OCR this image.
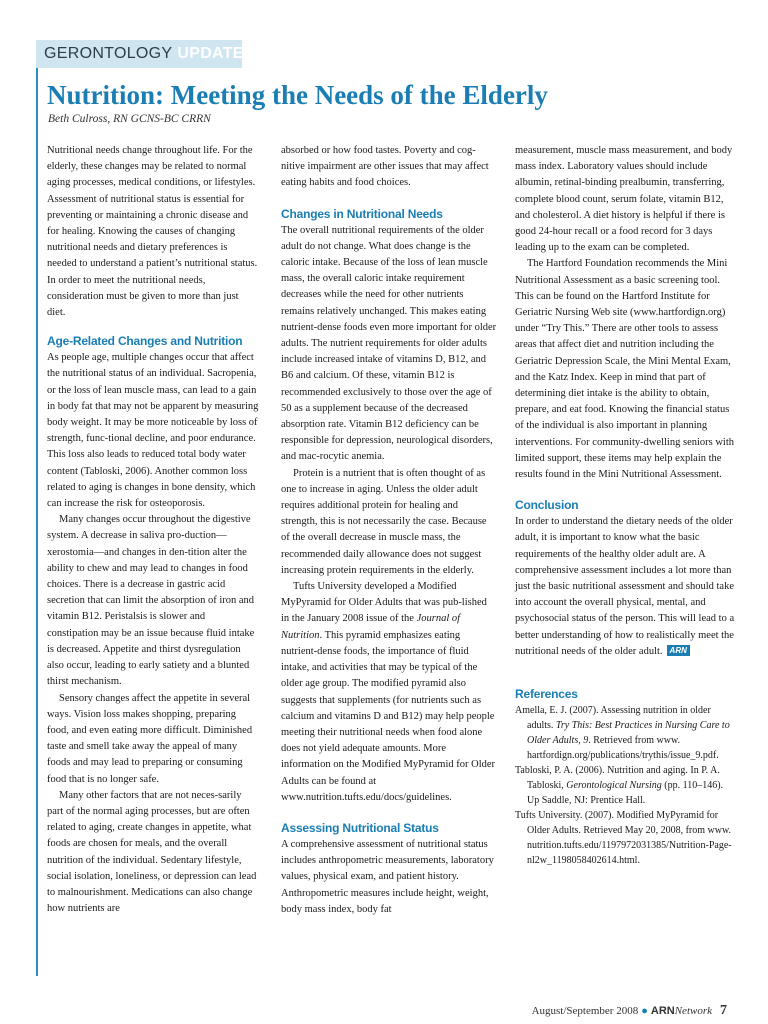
GERONTOLOGY UPDATE
Nutrition: Meeting the Needs of the Elderly
Beth Culross, RN GCNS-BC CRRN

Nutritional needs change throughout life. For the elderly, these changes may be related to normal aging processes, medical conditions, or lifestyles. Assessment of nutritional status is essential for preventing or maintaining a chronic disease and for healing. Knowing the causes of changing nutritional needs and dietary preferences is needed to understand a patient’s nutritional status. In order to meet the nutritional needs, consideration must be given to more than just diet.

Age-Related Changes and Nutrition

As people age, multiple changes occur that affect the nutritional status of an individual. Sacropenia, or the loss of lean muscle mass, can lead to a gain in body fat that may not be apparent by measuring body weight. It may be more noticeable by loss of strength, func-tional decline, and poor endurance. This loss also leads to reduced total body water content (Tabloski, 2006). Another common loss related to aging is changes in bone density, which can increase the risk for osteoporosis.

Many changes occur throughout the digestive system. A decrease in saliva pro-duction—xerostomia—and changes in den-tition alter the ability to chew and may lead to changes in food choices. There is a decrease in gastric acid secretion that can limit the absorption of iron and vitamin B12. Peristalsis is slower and constipation may be an issue because fluid intake is decreased. Appetite and thirst dysregulation also occur, leading to early satiety and a blunted thirst mechanism.

Sensory changes affect the appetite in several ways. Vision loss makes shopping, preparing food, and even eating more difficult. Diminished taste and smell take away the appeal of many foods and may lead to preparing or consuming food that is no longer safe.

Many other factors that are not neces-sarily part of the normal aging processes, but are often related to aging, create changes in appetite, what foods are chosen for meals, and the overall nutrition of the individual. Sedentary lifestyle, social isolation, loneliness, or depression can lead to malnourishment. Medications can also change how nutrients are

absorbed or how food tastes. Poverty and cog-nitive impairment are other issues that may affect eating habits and food choices.

Changes in Nutritional Needs

The overall nutritional requirements of the older adult do not change. What does change is the caloric intake. Because of the loss of lean muscle mass, the overall caloric intake requirement decreases while the need for other nutrients remains relatively unchanged. This makes eating nutrient-dense foods even more important for older adults. The nutrient requirements for older adults include increased intake of vitamins D, B12, and B6 and calcium. Of these, vitamin B12 is recommended exclusively to those over the age of 50 as a supplement because of the decreased absorption rate. Vitamin B12 deficiency can be responsible for depression, neurological disorders, and mac-rocytic anemia.

Protein is a nutrient that is often thought of as one to increase in aging. Unless the older adult requires additional protein for healing and strength, this is not necessarily the case. Because of the overall decrease in muscle mass, the recommended daily allowance does not suggest increasing protein requirements in the elderly.

Tufts University developed a Modified MyPyramid for Older Adults that was pub-lished in the January 2008 issue of the Journal of Nutrition. This pyramid emphasizes eating nutrient-dense foods, the importance of fluid intake, and activities that may be typical of the older age group. The modified pyramid also suggests that supplements (for nutrients such as calcium and vitamins D and B12) may help people meeting their nutritional needs when food alone does not yield adequate amounts. More information on the Modified MyPyramid for Older Adults can be found at www.nutrition.tufts.edu/docs/guidelines.

Assessing Nutritional Status

A comprehensive assessment of nutritional status includes anthropometric measurements, laboratory values, physical exam, and patient history. Anthropometric measures include height, weight, body mass index, body fat

measurement, muscle mass measurement, and body mass index. Laboratory values should include albumin, retinal-binding prealbumin, transferring, complete blood count, serum folate, vitamin B12, and cholesterol. A diet history is helpful if there is good 24-hour recall or a food record for 3 days leading up to the exam can be completed.

The Hartford Foundation recommends the Mini Nutritional Assessment as a basic screening tool. This can be found on the Hartford Institute for Geriatric Nursing Web site (www.hartfordign.org) under “Try This.” There are other tools to assess areas that affect diet and nutrition including the Geriatric Depression Scale, the Mini Mental Exam, and the Katz Index. Keep in mind that part of determining diet intake is the ability to obtain, prepare, and eat food. Knowing the financial status of the individual is also important in planning interventions. For community-dwelling seniors with limited support, these items may help explain the results found in the Mini Nutritional Assessment.

Conclusion

In order to understand the dietary needs of the older adult, it is important to know what the basic requirements of the healthy older adult are. A comprehensive assessment includes a lot more than just the basic nutritional assessment and should take into account the overall physical, mental, and psychosocial status of the person. This will lead to a better understanding of how to realistically meet the nutritional needs of the older adult. ARN

References

Amella, E. J. (2007). Assessing nutrition in older adults. Try This: Best Practices in Nursing Care to Older Adults, 9. Retrieved from www. hartfordign.org/publications/trythis/issue_9.pdf.

Tabloski, P. A. (2006). Nutrition and aging. In P. A. Tabloski, Gerontological Nursing (pp. 110–146). Up Saddle, NJ: Prentice Hall.

Tufts University. (2007). Modified MyPyramid for Older Adults. Retrieved May 20, 2008, from www. nutrition.tufts.edu/1197972031385/Nutrition-Page-nl2w_1198058402614.html.

August/September 2008 ● ARNNetwork 7
